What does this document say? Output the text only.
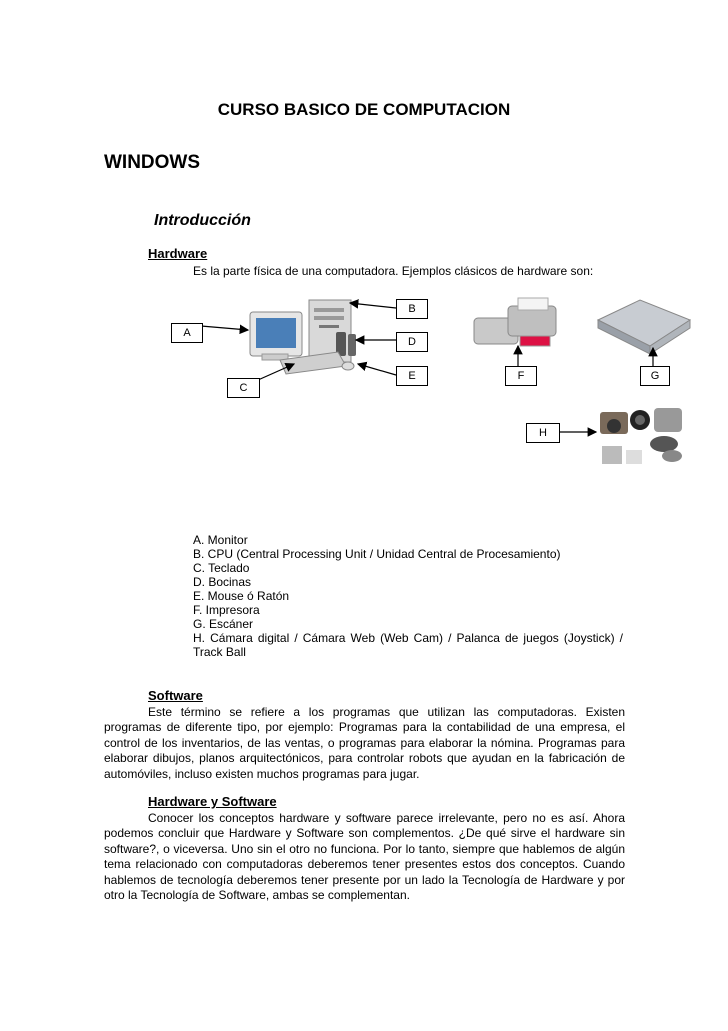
CURSO BASICO DE COMPUTACION
WINDOWS
Introducción
Hardware
Es la parte física de una computadora. Ejemplos clásicos de hardware son:
A
B
D
E
C
F	G
H
A. Monitor
B. CPU (Central Processing Unit / Unidad Central de Procesamiento)
C. Teclado
D. Bocinas
E. Mouse ó Ratón
F. Impresora
G. Escáner
H. Cámara digital / Cámara Web (Web Cam) / Palanca de juegos (Joystick) / Track Ball
Software
Este término se refiere a los programas que utilizan las computadoras. Existen programas de diferente tipo, por ejemplo: Programas para la contabilidad de una empresa, el control de los inventarios, de las ventas, o programas para elaborar la nómina. Programas para elaborar dibujos, planos arquitectónicos, para controlar robots que ayudan en la fabricación de automóviles, incluso existen muchos programas para jugar.
Hardware y Software
Conocer los conceptos hardware y software parece irrelevante, pero no es así. Ahora podemos concluir que Hardware y Software son complementos. ¿De qué sirve el hardware sin software?, o viceversa. Uno sin el otro no funciona. Por lo tanto, siempre que hablemos de algún tema relacionado con computadoras deberemos tener presentes estos dos conceptos. Cuando hablemos de tecnología deberemos tener presente por un lado la Tecnología de Hardware y por otro la Tecnología de Software, ambas se complementan.
